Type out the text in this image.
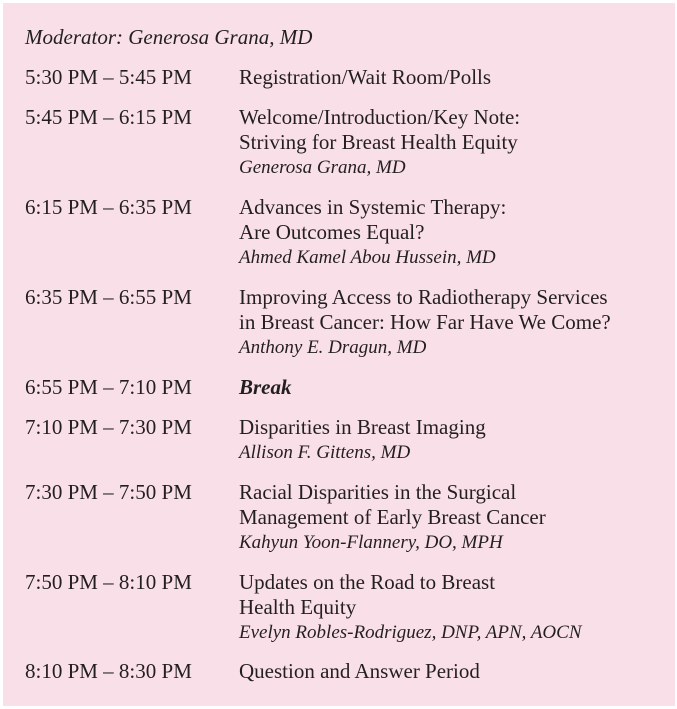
Moderator: Generosa Grana, MD
5:30 PM – 5:45 PM Registration/Wait Room/Polls
5:45 PM – 6:15 PM Welcome/Introduction/Key Note:
Striving for Breast Health Equity
Generosa Grana, MD
6:15 PM – 6:35 PM Advances in Systemic Therapy:
Are Outcomes Equal?
Ahmed Kamel Abou Hussein, MD
6:35 PM – 6:55 PM Improving Access to Radiotherapy Services
in Breast Cancer: How Far Have We Come?
Anthony E. Dragun, MD
6:55 PM – 7:10 PM Break
7:10 PM – 7:30 PM Disparities in Breast Imaging
Allison F. Gittens, MD
7:30 PM – 7:50 PM Racial Disparities in the Surgical
Management of Early Breast Cancer
Kahyun Yoon-Flannery, DO, MPH
7:50 PM – 8:10 PM Updates on the Road to Breast
Health Equity
Evelyn Robles-Rodriguez, DNP, APN, AOCN
8:10 PM – 8:30 PM Question and Answer Period
